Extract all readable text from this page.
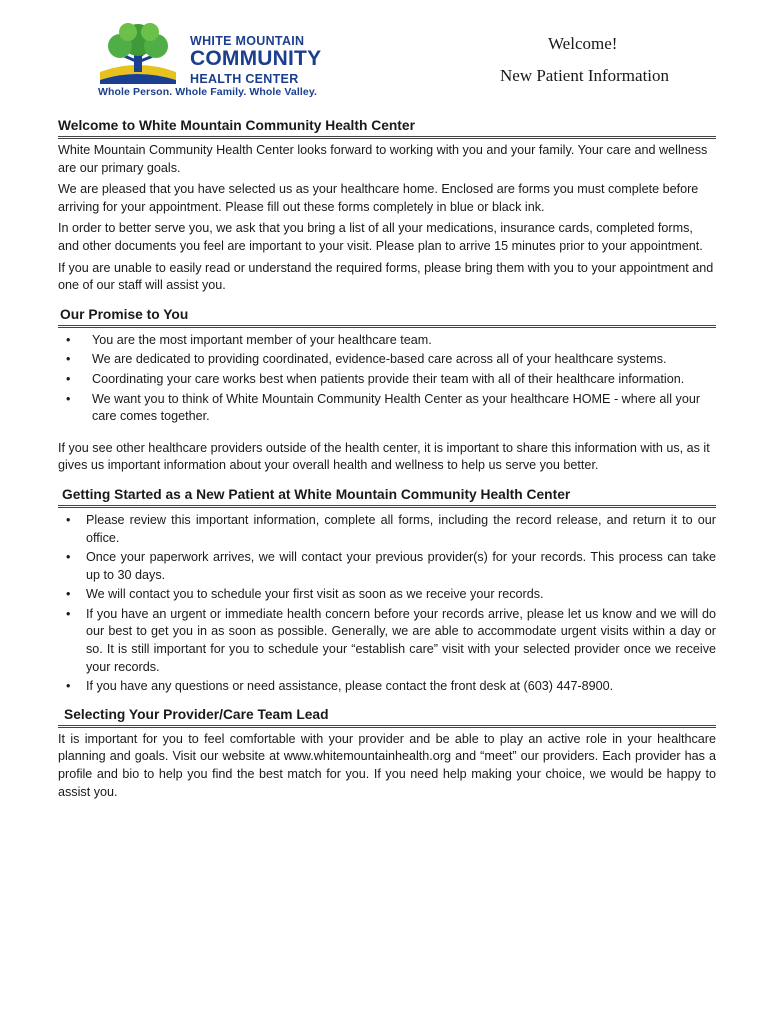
WHITE MOUNTAIN
COMMUNITY
HEALTH CENTER
Whole Person. Whole Family. Whole Valley.
Welcome!
New Patient Information
Welcome to White Mountain Community Health Center

White Mountain Community Health Center looks forward to working with you and your family. Your care and wellness are our primary goals.

We are pleased that you have selected us as your healthcare home. Enclosed are forms you must complete before arriving for your appointment. Please fill out these forms completely in blue or black ink.

In order to better serve you, we ask that you bring a list of all your medications, insurance cards, completed forms, and other documents you feel are important to your visit. Please plan to arrive 15 minutes prior to your appointment.

If you are unable to easily read or understand the required forms, please bring them with you to your appointment and one of our staff will assist you.

Our Promise to You
• You are the most important member of your healthcare team.
• We are dedicated to providing coordinated, evidence-based care across all of your healthcare systems.
• Coordinating your care works best when patients provide their team with all of their healthcare information.
• We want you to think of White Mountain Community Health Center as your healthcare HOME - where all your care comes together.

If you see other healthcare providers outside of the health center, it is important to share this information with us, as it gives us important information about your overall health and wellness to help us serve you better.

Getting Started as a New Patient at White Mountain Community Health Center
• Please review this important information, complete all forms, including the record release, and return it to our office.
• Once your paperwork arrives, we will contact your previous provider(s) for your records. This process can take up to 30 days.
• We will contact you to schedule your first visit as soon as we receive your records.
• If you have an urgent or immediate health concern before your records arrive, please let us know and we will do our best to get you in as soon as possible. Generally, we are able to accommodate urgent visits within a day or so. It is still important for you to schedule your “establish care” visit with your selected provider once we receive your records.
• If you have any questions or need assistance, please contact the front desk at (603) 447-8900.
Selecting Your Provider/Care Team Lead

It is important for you to feel comfortable with your provider and be able to play an active role in your healthcare planning and goals. Visit our website at www.whitemountainhealth.org and “meet” our providers. Each provider has a profile and bio to help you find the best match for you. If you need help making your choice, we would be happy to assist you.
